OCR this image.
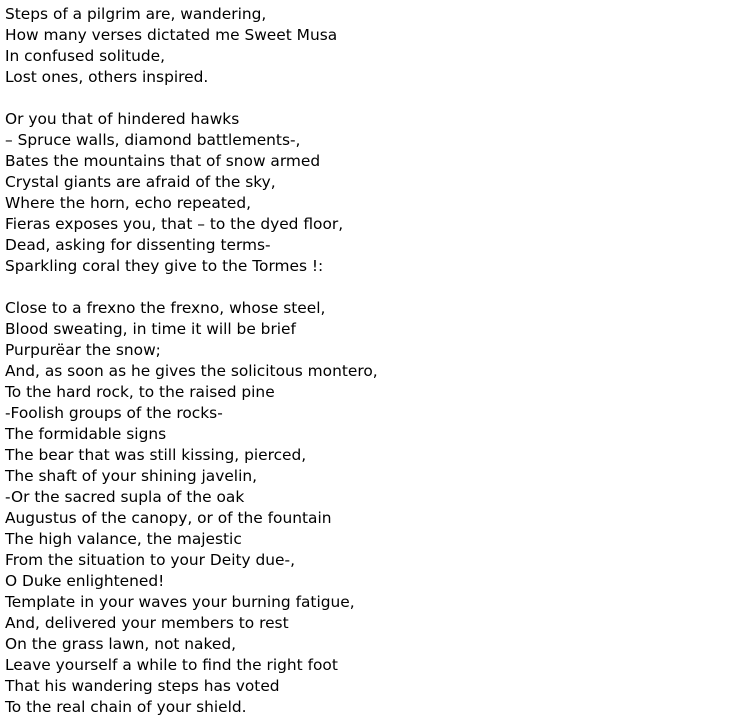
Steps of a pilgrim are, wandering,
How many verses dictated me Sweet Musa
In confused solitude,
Lost ones, others inspired.
Or you that of hindered hawks
– Spruce walls, diamond battlements-,
Bates the mountains that of snow armed
Crystal giants are afraid of the sky,
Where the horn, echo repeated,
Fieras exposes you, that – to the dyed floor,
Dead, asking for dissenting terms-
Sparkling coral they give to the Tormes !:
Close to a frexno the frexno, whose steel,
Blood sweating, in time it will be brief
Purpurëar the snow;
And, as soon as he gives the solicitous montero,
To the hard rock, to the raised pine
-Foolish groups of the rocks-
The formidable signs
The bear that was still kissing, pierced,
The shaft of your shining javelin,
-Or the sacred supla of the oak
Augustus of the canopy, or of the fountain
The high valance, the majestic
From the situation to your Deity due-,
O Duke enlightened!
Template in your waves your burning fatigue,
And, delivered your members to rest
On the grass lawn, not naked,
Leave yourself a while to find the right foot
That his wandering steps has voted
To the real chain of your shield.
